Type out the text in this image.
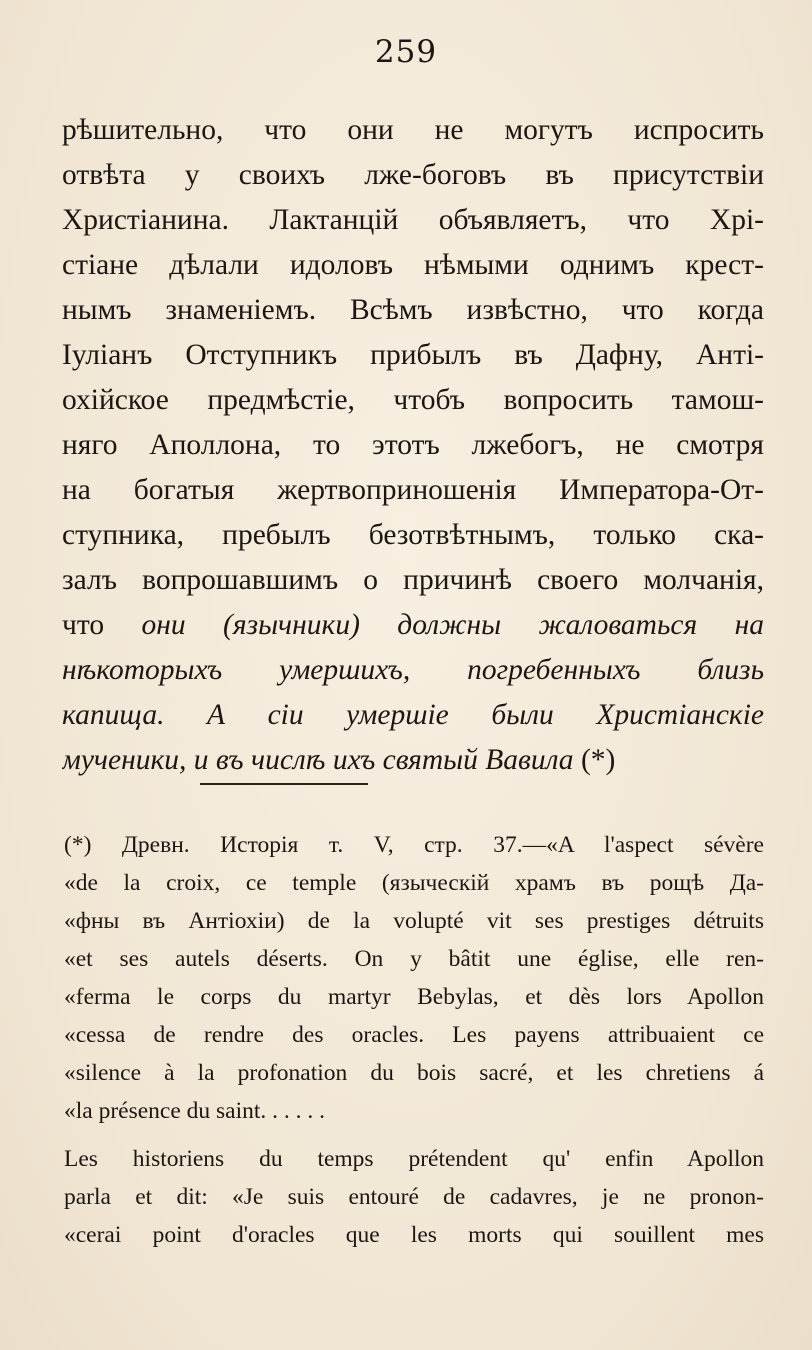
259
рѣшительно, что они не могутъ испросить
отвѣта у своихъ лже-боговъ въ присутствіи
Христіанина. Лактанцій объявляетъ, что Хрі-
стіане дѣлали идоловъ нѣмыми однимъ крест-
нымъ знаменіемъ. Всѣмъ извѣстно, что когда
Іуліанъ Отступникъ прибылъ въ Дафну, Анті-
охійское предмѣстіе, чтобъ вопросить тамош-
няго Аполлона, то этотъ лжебогъ, не смотря
на богатыя жертвоприношенія Императора-От-
ступника, пребылъ безотвѣтнымъ, только ска-
залъ вопрошавшимъ о причинѣ своего молчанія,
что они (язычники) должны жаловаться на
нѣкоторыхъ умершихъ, погребенныхъ близь
капища. А сіи умершіе были Христіанскіе
мученики, и въ числѣ ихъ святый Вавила (*)
(*) Древн. Исторія т. V, стр. 37.—«A l'aspect sévère
«de la croix, ce temple (языческій храмъ въ рощѣ Да-
«фны въ Антіохіи) de la volupté vit ses prestiges détruits
«et ses autels déserts. On y bâtit une église, elle ren-
«ferma le corps du martyr Bebylas, et dès lors Apollon
«cessa de rendre des oracles. Les payens attribuaient ce
«silence à la profonation du bois sacré, et les chretiens á
«la présence du saint. . . . . .
Les historiens du temps prétendent qu' enfin Apollon
parla et dit: «Je suis entouré de cadavres, je ne pronon-
«cerai point d'oracles que les morts qui souillent mes
